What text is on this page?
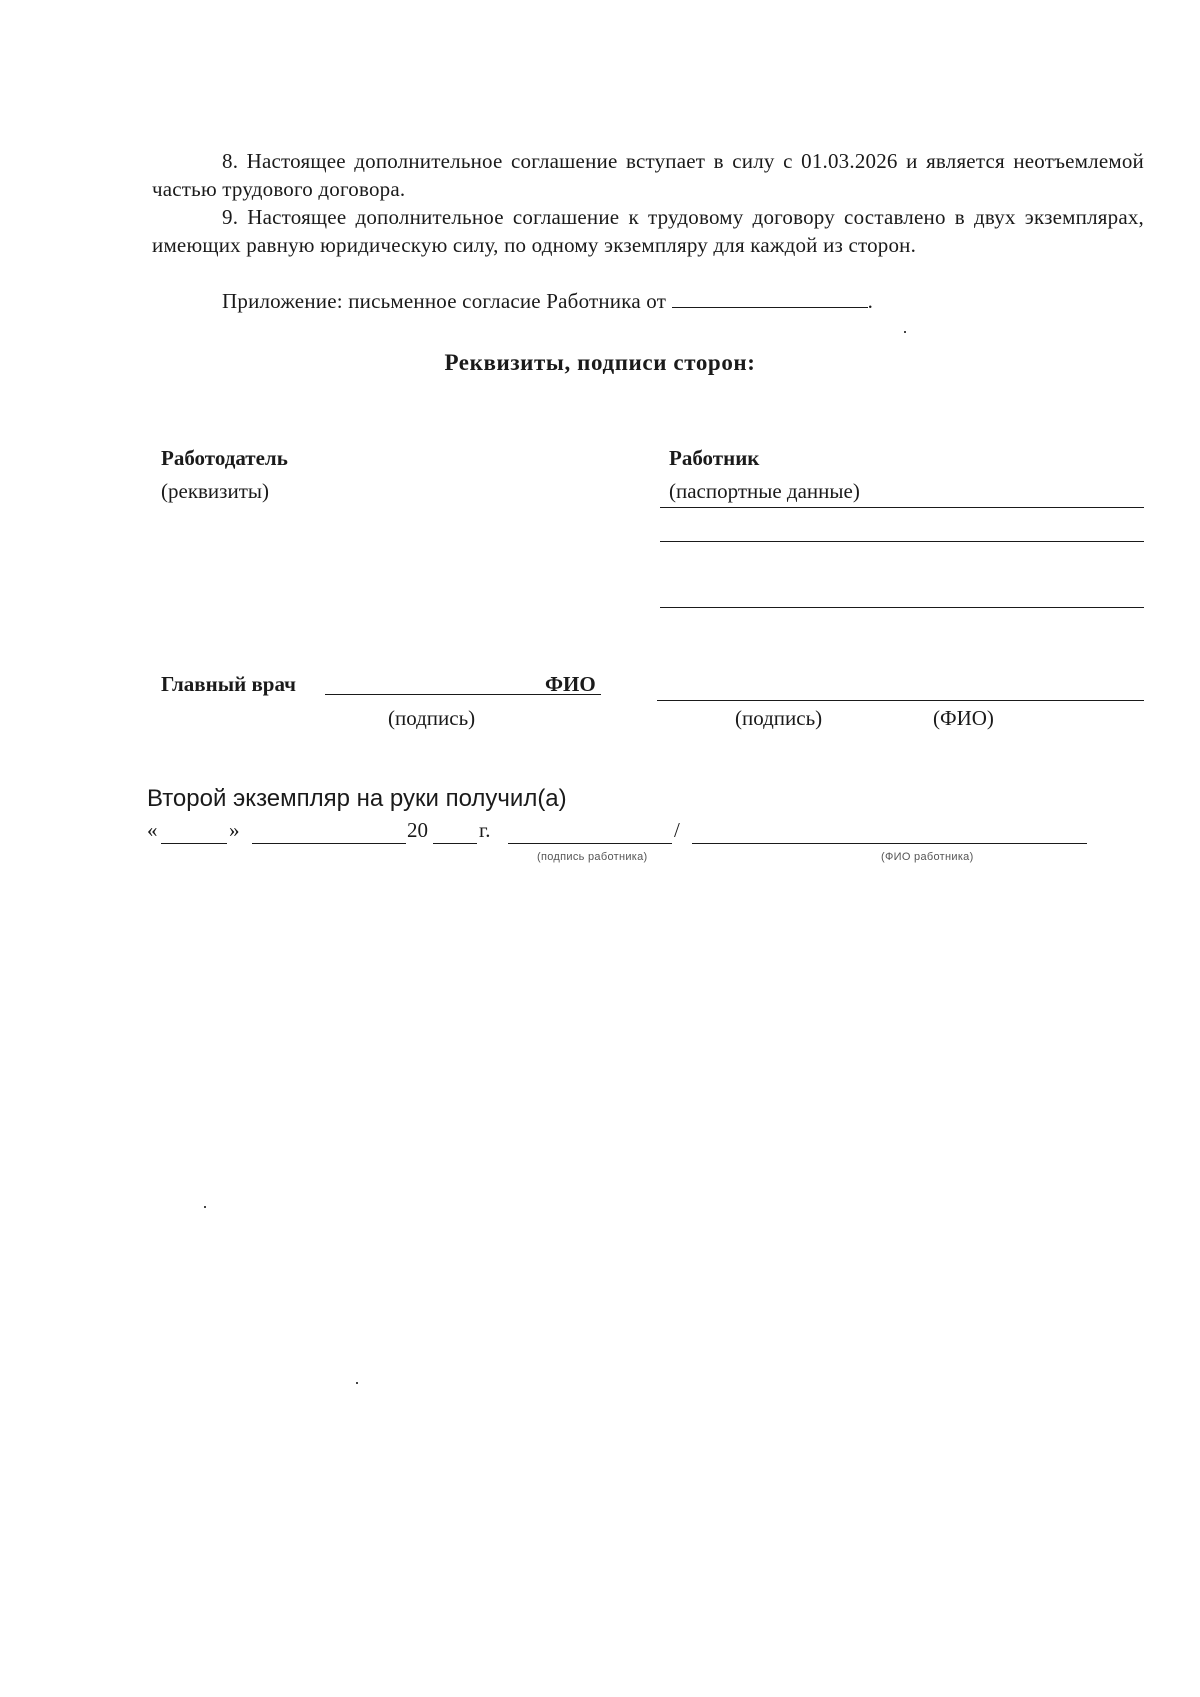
8. Настоящее дополнительное соглашение вступает в силу с 01.03.2026 и является неотъемлемой частью трудового договора.
9. Настоящее дополнительное соглашение к трудовому договору составлено в двух экземплярах, имеющих равную юридическую силу, по одному экземпляру для каждой из сторон.
Приложение: письменное согласие Работника от	.
Реквизиты, подписи сторон:
Работодатель
(реквизиты)
Работник
(паспортные данные)
Главный врач	ФИО
(подпись)	(подпись)	(ФИО)
Второй экземпляр на руки получил(а)
«	»	20 г.	/
(подпись работника)	(ФИО работника)
